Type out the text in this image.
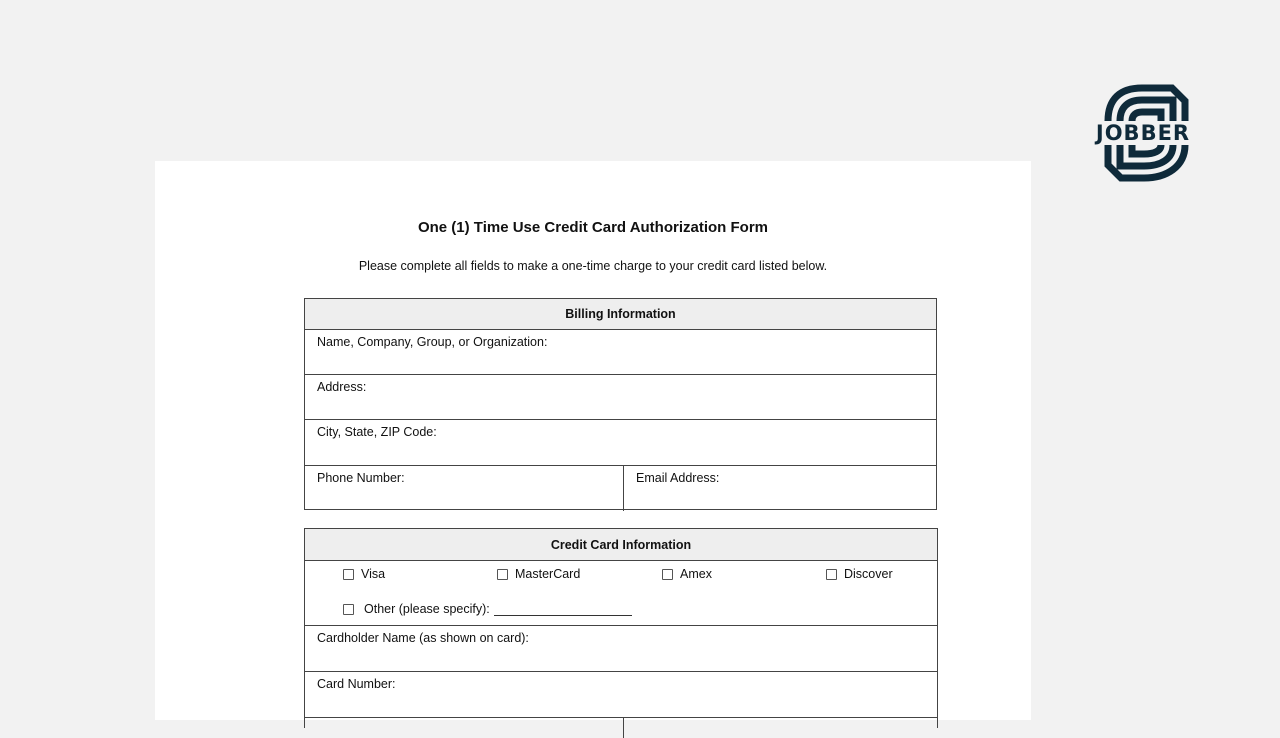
JOBBER
One (1) Time Use Credit Card Authorization Form
Please complete all fields to make a one-time charge to your credit card listed below.
Billing Information
Name, Company, Group, or Organization:
Address:
City, State, ZIP Code:
Phone Number:	Email Address:
Credit Card Information
Visa	MasterCard	Amex	Discover
Other (please specify):
Cardholder Name (as shown on card):
Card Number:
